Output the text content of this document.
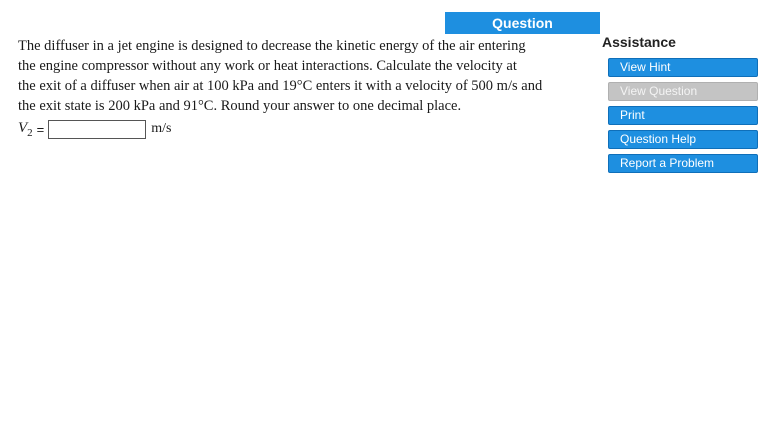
Question

The diffuser in a jet engine is designed to decrease the kinetic energy of the air entering
the engine compressor without any work or heat interactions. Calculate the velocity at
the exit of a diffuser when air at 100 kPa and 19°C enters it with a velocity of 500 m/s and
the exit state is 200 kPa and 91°C. Round your answer to one decimal place.

$V_2$ =	m/s
Assistance
View Hint
View Question
Print
Question Help
Report a Problem
